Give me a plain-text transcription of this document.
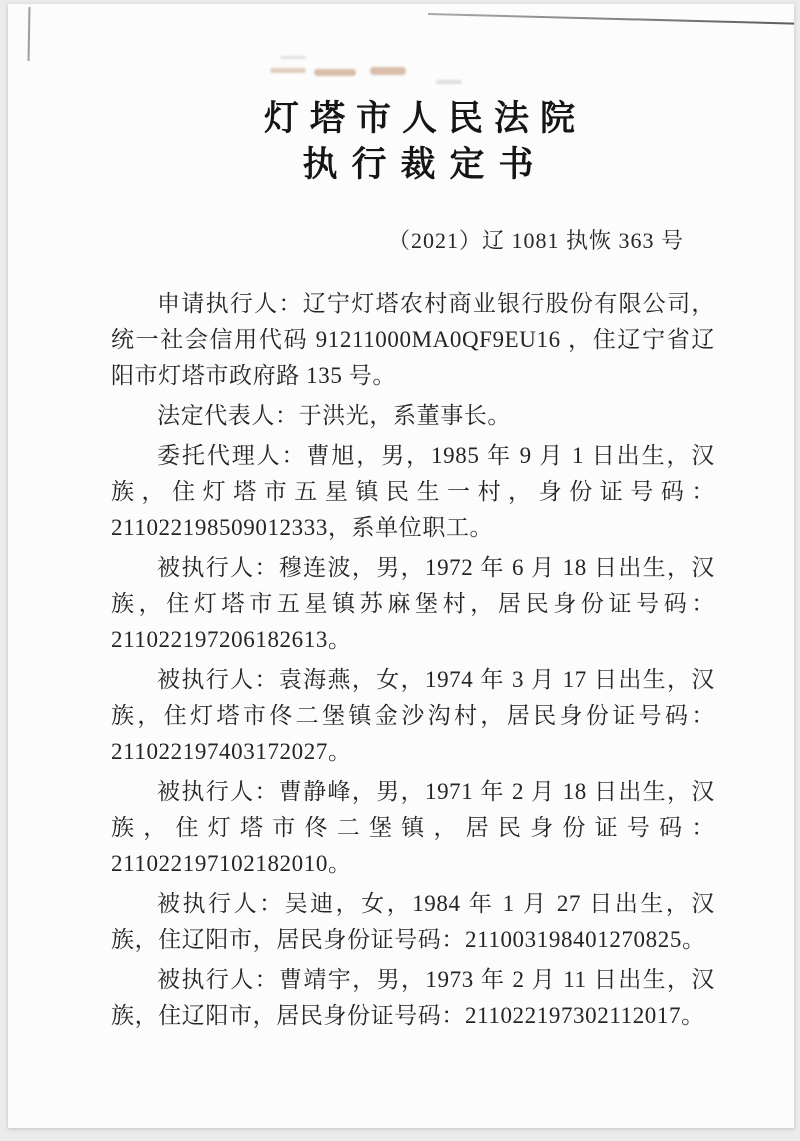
灯塔市人民法院
执行裁定书
（2021）辽 1081 执恢 363 号

申请执行人：辽宁灯塔农村商业银行股份有限公司，统一社会信用代码 91211000MA0QF9EU16 ，住辽宁省辽阳市灯塔市政府路 135 号。

法定代表人：于洪光，系董事长。

委托代理人：曹旭，男，1985 年 9 月 1 日出生，汉族，住灯塔市五星镇民生一村，身份证号码：211022198509012333，系单位职工。

被执行人：穆连波，男，1972 年 6 月 18 日出生，汉族，住灯塔市五星镇苏麻堡村，居民身份证号码：211022197206182613。

被执行人：袁海燕，女，1974 年 3 月 17 日出生，汉族，住灯塔市佟二堡镇金沙沟村，居民身份证号码：211022197403172027。

被执行人：曹静峰，男，1971 年 2 月 18 日出生，汉族，住灯塔市佟二堡镇，居民身份证号码：211022197102182010。

被执行人：吴迪，女，1984 年 1 月 27 日出生，汉族，住辽阳市，居民身份证号码：211003198401270825。

被执行人：曹靖宇，男，1973 年 2 月 11 日出生，汉族，住辽阳市，居民身份证号码：211022197302112017。
